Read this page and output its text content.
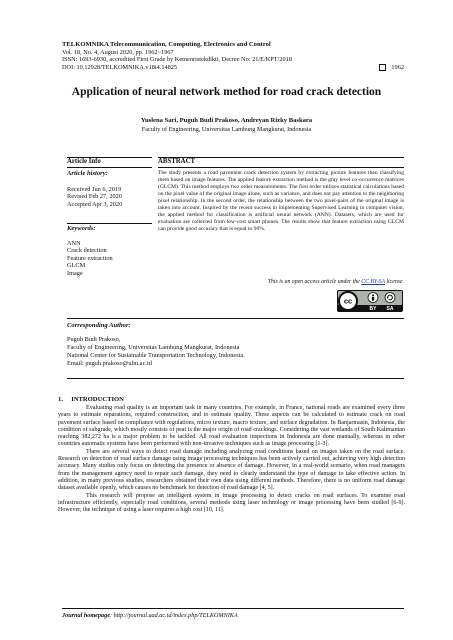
TELKOMNIKA Telecommunication, Computing, Electronics and Control
Vol. 18, No. 4, August 2020, pp. 1962~1967
ISSN: 1693-6930, accredited First Grade by Kemenristekdikti, Decree No: 21/E/KPT/2018
DOI: 10.12928/TELKOMNIKA.v18i4.14825	1962
Application of neural network method for road crack detection
Yuslena Sari, Puguh Budi Prakoso, Andreyan Rizky Baskara
Faculty of Engineering, Universitas Lambung Mangkurat, Indonesia
Article Info	ABSTRACT
Article history:
Received Jun 6, 2019
Revised Feb 27, 2020
Accepted Apr 3, 2020
Keywords:
ANN
Crack detection
Feature extraction
GLCM
Image
The study presents a road pavement crack detection system by extracting picture features then classifying them based on image features. The applied feature extraction method is the gray level co-occurrence matrices (GLCM). This method employs two order measurements. The first order utilizes statistical calculations based on the pixel value of the original image alone, such as variance, and does not pay attention to the neighboring pixel relationship. In the second order, the relationship between the two pixel-pairs of the original image is taken into account. Inspired by the recent success in implementing Supervised Learning in computer vision, the applied method for classification is artificial neural network (ANN). Datasets, which are used for evaluation are collected from low-cost smart phones. The results show that feature extraction using GLCM can provide good accuracy that is equal to 90%.
This is an open access article under the CC BY-SA license.
cc
BY SA
Corresponding Author:
Puguh Budi Prakoso,
Faculty of Engineering, Universitas Lambung Mangkurat, Indonesia
National Center for Sustainable Transportation Technology, Indonesia.
Email: puguh.prakoso@ulm.ac.id
1.     INTRODUCTION

Evaluating road quality is an important task in many countries. For example, in France, national roads are examined every three years to estimate reparations, required construction, and to estimate quality. These aspects can be calculated to estimate crack on road pavement surface based on compliance with regulations, micro texture, macro texture, and surface degradation. In Banjarmasin, Indonesia, the condition of subgrade, which mostly consists of peat is the major origin of road crackings. Considering the vast wetlands of South Kalimantan reaching 382,272 ha is a major problem to be tackled. All road evaluation inspections in Indonesia are done manually, whereas in other countries automatic systems have been performed with non-invasive techniques such as image processing [1-3].

There are several ways to detect road damage including analyzing road conditions based on images taken on the road surface. Research on detection of road surface damage using image processing techniques has been actively carried out, achieving very high detection accuracy. Many studies only focus on detecting the presence or absence of damage. However, in a real-world scenario, when road managers from the management agency need to repair such damage, they need to clearly understand the type of damage to take effective action. In addition, in many previous studies, researchers obtained their own data using different methods. Therefore, there is no uniform road damage dataset available openly, which causes no benchmark for detection of road damage [4, 5].

This research will propose an intelligent system in image processing to detect cracks on road surfaces. To examine road infrastructure efficiently, especially road conditions, several methods using laser technology or image processing have been studied [6-9]. However, the technique of using a laser requires a high cost [10, 11].

Journal homepage: http://journal.uad.ac.id/index.php/TELKOMNIKA
